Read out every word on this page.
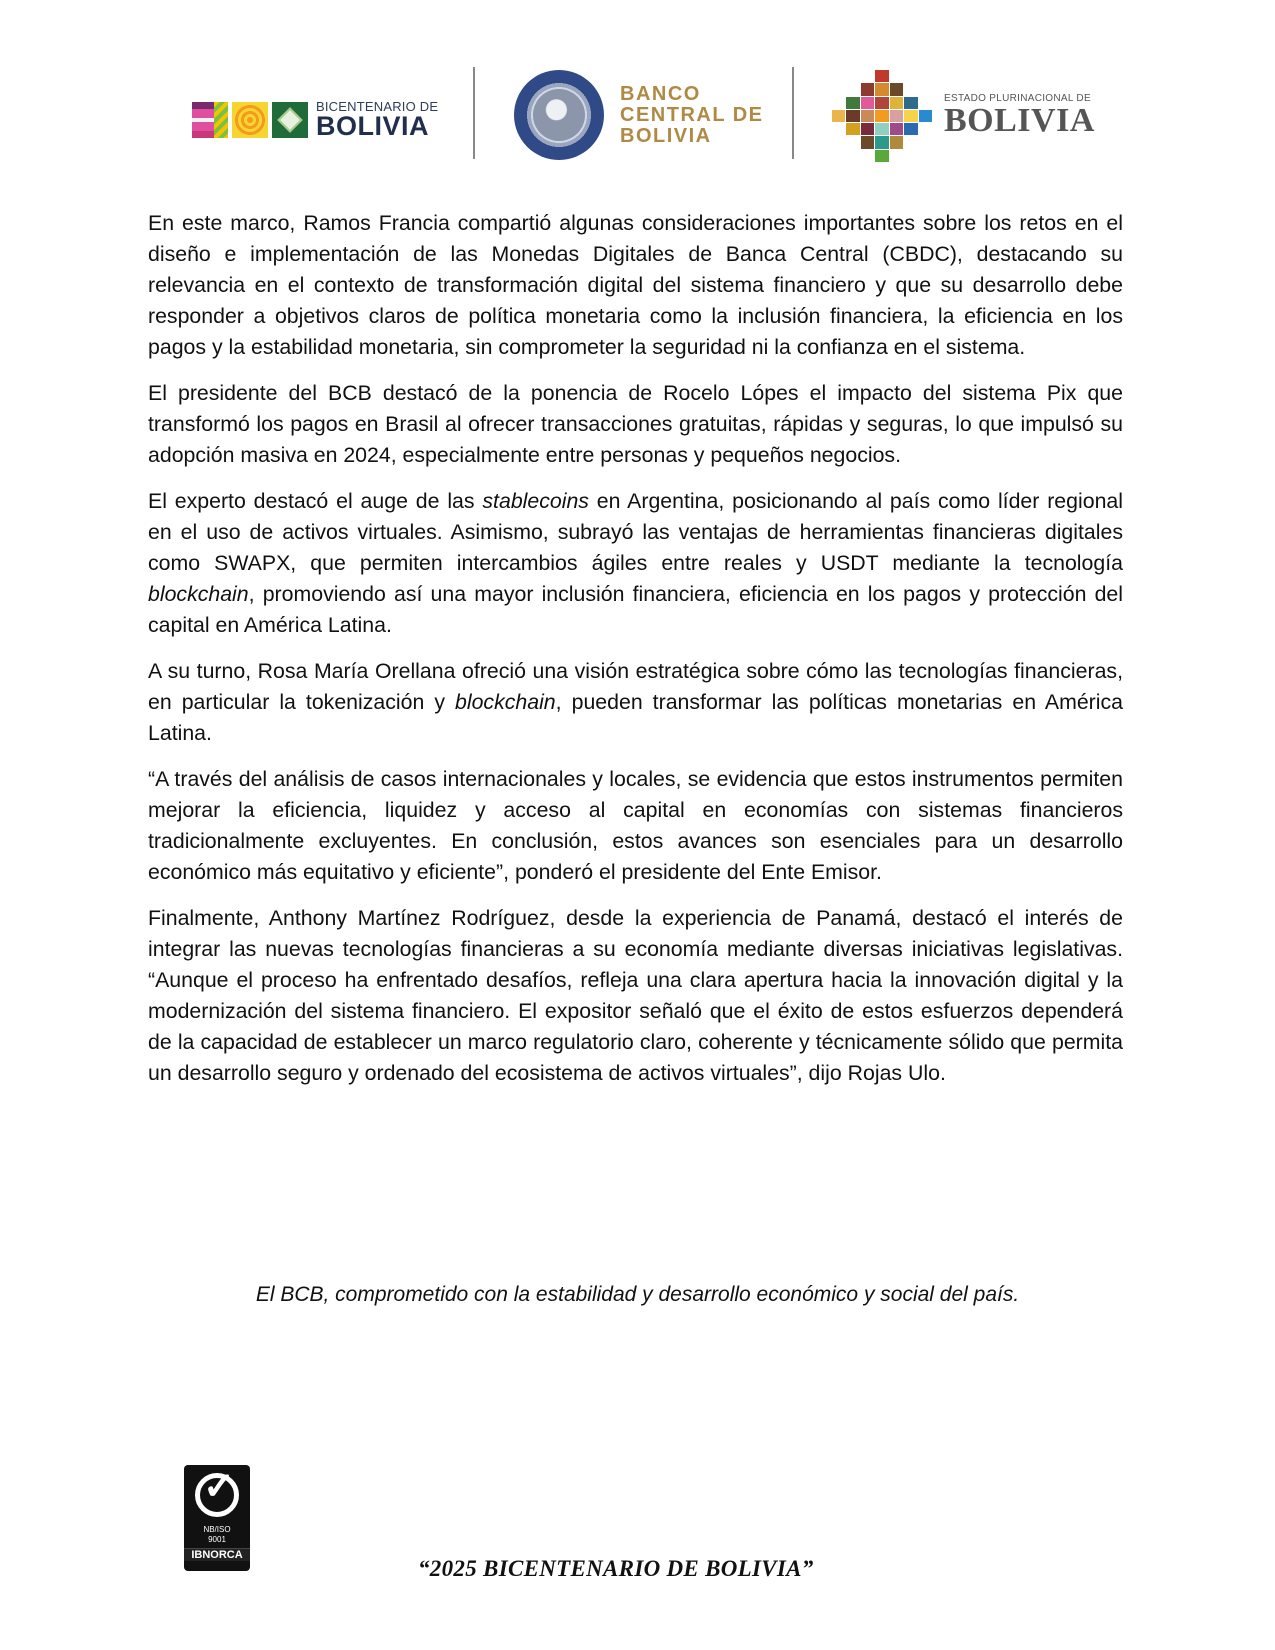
BICENTENARIO DE
BOLIVIA
BANCO
CENTRAL DE
BOLIVIA
ESTADO PLURINACIONAL DE
BOLIVIA

En este marco, Ramos Francia compartió algunas consideraciones importantes sobre los retos en el diseño e implementación de las Monedas Digitales de Banca Central (CBDC), destacando su relevancia en el contexto de transformación digital del sistema financiero y que su desarrollo debe responder a objetivos claros de política monetaria como la inclusión financiera, la eficiencia en los pagos y la estabilidad monetaria, sin comprometer la seguridad ni la confianza en el sistema.

El presidente del BCB destacó de la ponencia de Rocelo Lópes el impacto del sistema Pix que transformó los pagos en Brasil al ofrecer transacciones gratuitas, rápidas y seguras, lo que impulsó su adopción masiva en 2024, especialmente entre personas y pequeños negocios.

El experto destacó el auge de las stablecoins en Argentina, posicionando al país como líder regional en el uso de activos virtuales. Asimismo, subrayó las ventajas de herramientas financieras digitales como SWAPX, que permiten intercambios ágiles entre reales y USDT mediante la tecnología blockchain, promoviendo así una mayor inclusión financiera, eficiencia en los pagos y protección del capital en América Latina.

A su turno, Rosa María Orellana ofreció una visión estratégica sobre cómo las tecnologías financieras, en particular la tokenización y blockchain, pueden transformar las políticas monetarias en América Latina.

“A través del análisis de casos internacionales y locales, se evidencia que estos instrumentos permiten mejorar la eficiencia, liquidez y acceso al capital en economías con sistemas financieros tradicionalmente excluyentes. En conclusión, estos avances son esenciales para un desarrollo económico más equitativo y eficiente”, ponderó el presidente del Ente Emisor.

Finalmente, Anthony Martínez Rodríguez, desde la experiencia de Panamá, destacó el interés de integrar las nuevas tecnologías financieras a su economía mediante diversas iniciativas legislativas. “Aunque el proceso ha enfrentado desafíos, refleja una clara apertura hacia la innovación digital y la modernización del sistema financiero. El expositor señaló que el éxito de estos esfuerzos dependerá de la capacidad de establecer un marco regulatorio claro, coherente y técnicamente sólido que permita un desarrollo seguro y ordenado del ecosistema de activos virtuales”, dijo Rojas Ulo.

El BCB, comprometido con la estabilidad y desarrollo económico y social del país.
✓
NB/ISO
9001
IBNORCA
“2025 BICENTENARIO DE BOLIVIA”
